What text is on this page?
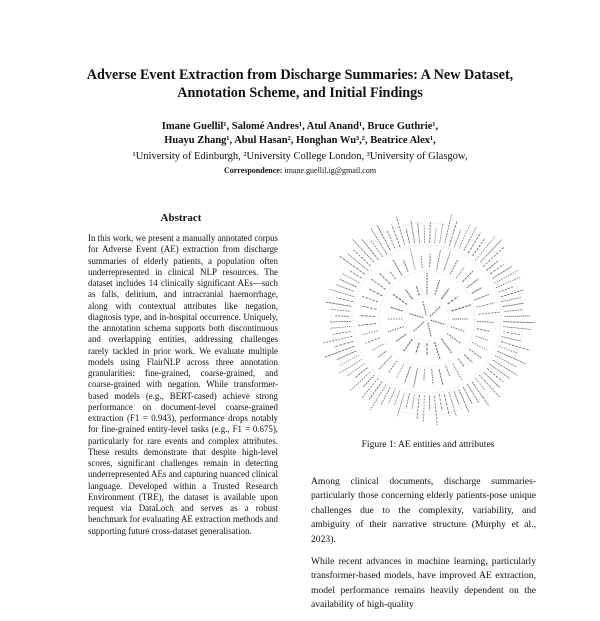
Adverse Event Extraction from Discharge Summaries: A New Dataset,
Annotation Scheme, and Initial Findings
Imane Guellil¹, Salomé Andres¹, Atul Anand¹, Bruce Guthrie¹,
Huayu Zhang¹, Abul Hasan², Honghan Wu³,², Beatrice Alex¹,
¹University of Edinburgh, ²University College London, ³University of Glasgow,
Correspondence: imane.guellil.ig@gmail.com
Abstract
In this work, we present a manually annotated corpus for Adverse Event (AE) extraction from discharge summaries of elderly patients, a population often underrepresented in clinical NLP resources. The dataset includes 14 clinically significant AEs—such as falls, delirium, and intracranial haemorrhage, along with contextual attributes like negation, diagnosis type, and in-hospital occurrence. Uniquely, the annotation schema supports both discontinuous and overlapping entities, addressing challenges rarely tackled in prior work. We evaluate multiple models using FlairNLP across three annotation granularities: fine-grained, coarse-grained, and coarse-grained with negation. While transformer-based models (e.g., BERT-cased) achieve strong performance on document-level coarse-grained extraction (F1 = 0.943), performance drops notably for fine-grained entity-level tasks (e.g., F1 = 0.675), particularly for rare events and complex attributes. These results demonstrate that despite high-level scores, significant challenges remain in detecting underrepresented AEs and capturing nuanced clinical language. Developed within a Trusted Research Environment (TRE), the dataset is available upon request via DataLoch and serves as a robust benchmark for evaluating AE extraction methods and supporting future cross-dataset generalisation.
Figure 1: AE entities and attributes

Among clinical documents, discharge summaries-particularly those concerning elderly patients-pose unique challenges due to the complexity, variability, and ambiguity of their narrative structure (Murphy et al., 2023).

While recent advances in machine learning, particularly transformer-based models, have improved AE extraction, model performance remains heavily dependent on the availability of high-quality
